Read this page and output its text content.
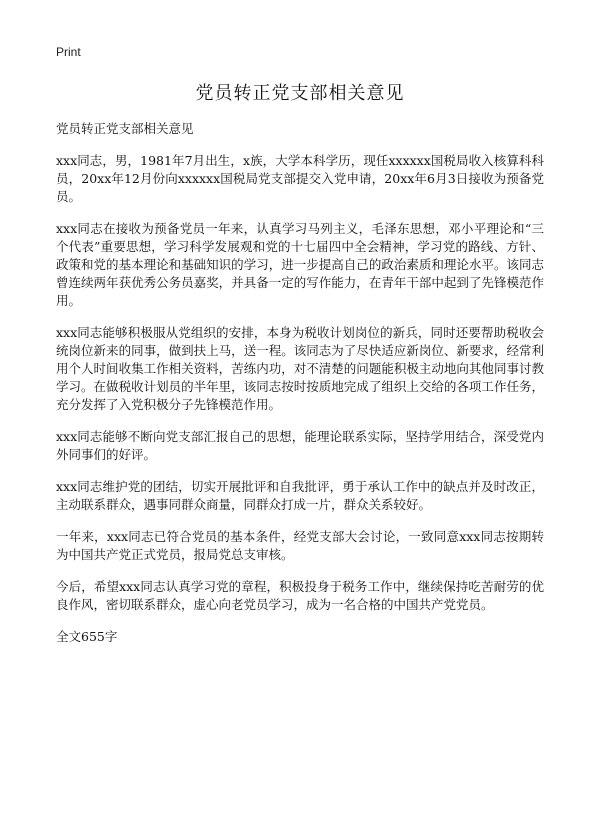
Print
党员转正党支部相关意见

党员转正党支部相关意见

xxx同志，男，1981年7月出生，x族，大学本科学历，现任xxxxxx国税局收入核算科科员，20xx年12月份向xxxxxx国税局党支部提交入党申请，20xx年6月3日接收为预备党员。

xxx同志在接收为预备党员一年来，认真学习马列主义，毛泽东思想，邓小平理论和“三个代表”重要思想，学习科学发展观和党的十七届四中全会精神，学习党的路线、方针、政策和党的基本理论和基础知识的学习，进一步提高自己的政治素质和理论水平。该同志曾连续两年获优秀公务员嘉奖，并具备一定的写作能力，在青年干部中起到了先锋模范作用。

xxx同志能够积极服从党组织的安排，本身为税收计划岗位的新兵，同时还要帮助税收会统岗位新来的同事，做到扶上马，送一程。该同志为了尽快适应新岗位、新要求，经常利用个人时间收集工作相关资料，苦练内功，对不清楚的问题能积极主动地向其他同事讨教学习。在做税收计划员的半年里，该同志按时按质地完成了组织上交给的各项工作任务，充分发挥了入党积极分子先锋模范作用。

xxx同志能够不断向党支部汇报自己的思想，能理论联系实际，坚持学用结合，深受党内外同事们的好评。

xxx同志维护党的团结，切实开展批评和自我批评，勇于承认工作中的缺点并及时改正，主动联系群众，遇事同群众商量，同群众打成一片，群众关系较好。

一年来，xxx同志已符合党员的基本条件，经党支部大会讨论，一致同意xxx同志按期转为中国共产党正式党员，报局党总支审核。

今后，希望xxx同志认真学习党的章程，积极投身于税务工作中，继续保持吃苦耐劳的优良作风，密切联系群众，虚心向老党员学习，成为一名合格的中国共产党党员。

全文655字
